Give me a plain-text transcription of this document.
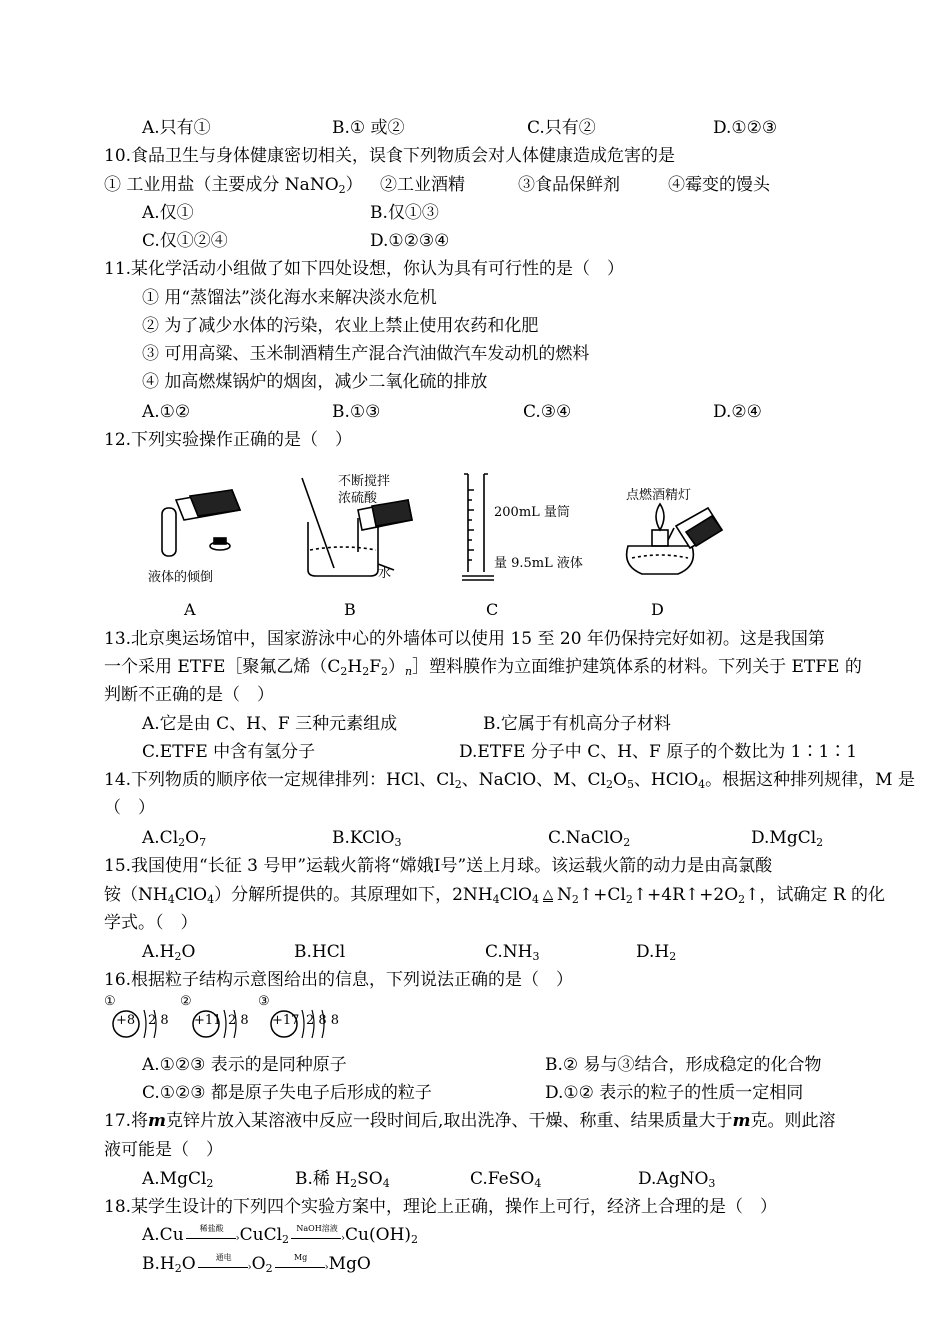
A.只有①	B.① 或②	C.只有②	D.①②③
10.食品卫生与身体健康密切相关，误食下列物质会对人体健康造成危害的是
① 工业用盐（主要成分 NaNO$_2$） ②工业酒精	③食品保鲜剂	④霉变的馒头
A.仅①	B.仅①③
C.仅①②④	D.①②③④
11.某化学活动小组做了如下四处设想，你认为具有可行性的是（　）
① 用“蒸馏法”淡化海水来解决淡水危机
② 为了减少水体的污染，农业上禁止使用农药和化肥
③ 可用高粱、玉米制酒精生产混合汽油做汽车发动机的燃料
④ 加高燃煤锅炉的烟囱，减少二氧化硫的排放
A.①②	B.①③	C.③④	D.②④
12.下列实验操作正确的是（　）
液体的倾倒
不断搅拌
浓硫酸
水
200mL 量筒
量 9.5mL 液体
点燃酒精灯
A	B	C	D
13.北京奥运场馆中，国家游泳中心的外墙体可以使用 15 至 20 年仍保持完好如初。这是我国第
一个采用 ETFE［聚氟乙烯$(C_2H_2F_2)_n]$塑料膜作为立面维护建筑体系的材料。下列关于 ETFE 的
判断不正确的是（　）
A.它是由 C、H、F 三种元素组成	B.它属于有机高分子材料
C.ETFE 中含有氢分子	D.ETFE 分子中 C、H、F 原子的个数比为 1∶1∶1
14.下列物质的顺序依一定规律排列：HCl、$Cl_2$、NaClO、M、$Cl_2O_5$、HClO$_4$。根据这种排列规律，M 是
（　）
$A.Cl_2O_7$	B.KClO$_3$	C.NaClO$_2$	D.MgCl$_2$
15.我国使用“长征 3 号甲”运载火箭将“嫦娥Ⅰ号”送上月球。该运载火箭的动力是由高氯酸
铵$(NH_4ClO_4)$分解所提供的。其原理如下，$2NH_4ClO_4$ △ $N_2↑+Cl_2↑+4R↑+2O_2↑$，试确定 R 的化
学式。（　）
$A.H_2O$	B.HCl	$C.NH_3$	$D.H_2$
16.根据粒子结构示意图给出的信息，下列说法正确的是（　）
①
+8 2 8
②
+11 2 8
③
+17 2 8 8
A.①②③ 表示的是同种原子	B.② 易与③结合，形成稳定的化合物
C.①②③ 都是原子失电子后形成的粒子	D.①② 表示的粒子的性质一定相同
17.将m克锌片放入某溶液中反应一段时间后,取出洗净、干燥、称重、结果质量大于m克。则此溶
液可能是（　）
A.MgCl$_2$	B.稀 $H_2SO_4$	C.FeSO$_4$	D.AgNO$_3$
18.某学生设计的下列四个实验方案中，理论上正确，操作上可行，经济上合理的是（　）
A.Cu	稀盐酸
› CuCl$_2$
NaOH溶液
› $Cu(OH)_2$
$B.H_2O$	通电
› $O_2$
Mg
› MgO
